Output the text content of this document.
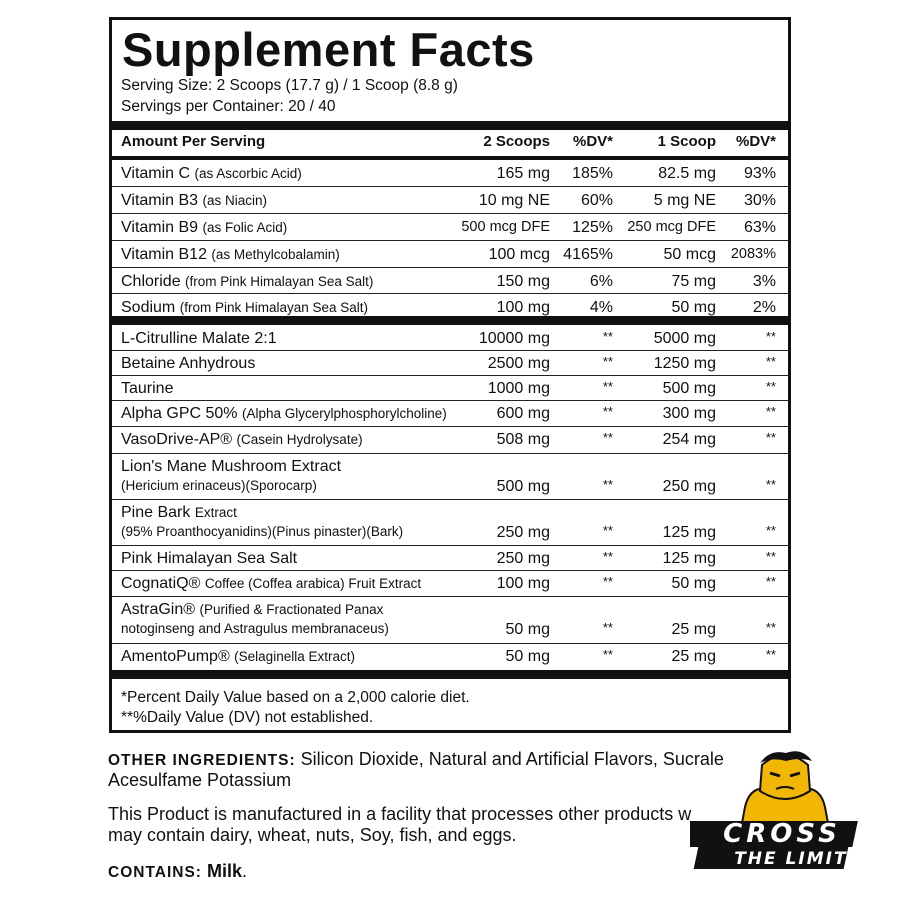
Supplement Facts
Serving Size: 2 Scoops (17.7 g) / 1 Scoop (8.8 g)
Servings per Container: 20 / 40
Amount Per Serving	2 Scoops %DV*	1 Scoop %DV*
Vitamin C (as Ascorbic Acid)	165 mg 185%	82.5 mg 93%
Vitamin B3 (as Niacin)	10 mg NE 60%	5 mg NE 30%
Vitamin B9 (as Folic Acid)	500 mcg DFE 125% 250 mcg DFE 63%
Vitamin B12 (as Methylcobalamin)	100 mcg 4165%	50 mcg 2083%
Chloride (from Pink Himalayan Sea Salt)	150 mg 6%	75 mg 3%
Sodium (from Pink Himalayan Sea Salt)	100 mg 4%	50 mg 2%
L-Citrulline Malate 2:1	10000 mg	**	5000 mg	**
Betaine Anhydrous	2500 mg	**	1250 mg	**
Taurine	1000 mg	**	500 mg	**
Alpha GPC 50% (Alpha Glycerylphosphorylcholine)	600 mg	**	300 mg	**
VasoDrive-AP® (Casein Hydrolysate)	508 mg	**	254 mg	**
Lion's Mane Mushroom Extract
(Hericium erinaceus)(Sporocarp)	500 mg	**	250 mg	**
Pine Bark Extract
(95% Proanthocyanidins)(Pinus pinaster)(Bark)	250 mg	**	125 mg	**
Pink Himalayan Sea Salt	250 mg	**	125 mg	**
CognatiQ® Coffee (Coffea arabica) Fruit Extract	100 mg	**	50 mg	**
AstraGin® (Purified & Fractionated Panax
notoginseng and Astragulus membranaceus)	50 mg	**	25 mg	**
AmentoPump® (Selaginella Extract)	50 mg	**	25 mg	**
*Percent Daily Value based on a 2,000 calorie diet.
**%Daily Value (DV) not established.
OTHER INGREDIENTS: Silicon Dioxide, Natural and Artificial Flavors, Sucrale
Acesulfame Potassium
This Product is manufactured in a facility that processes other products w
may contain dairy, wheat, nuts, Soy, fish, and eggs.
CONTAINS: Milk.
CROSS
THE LIMITS
